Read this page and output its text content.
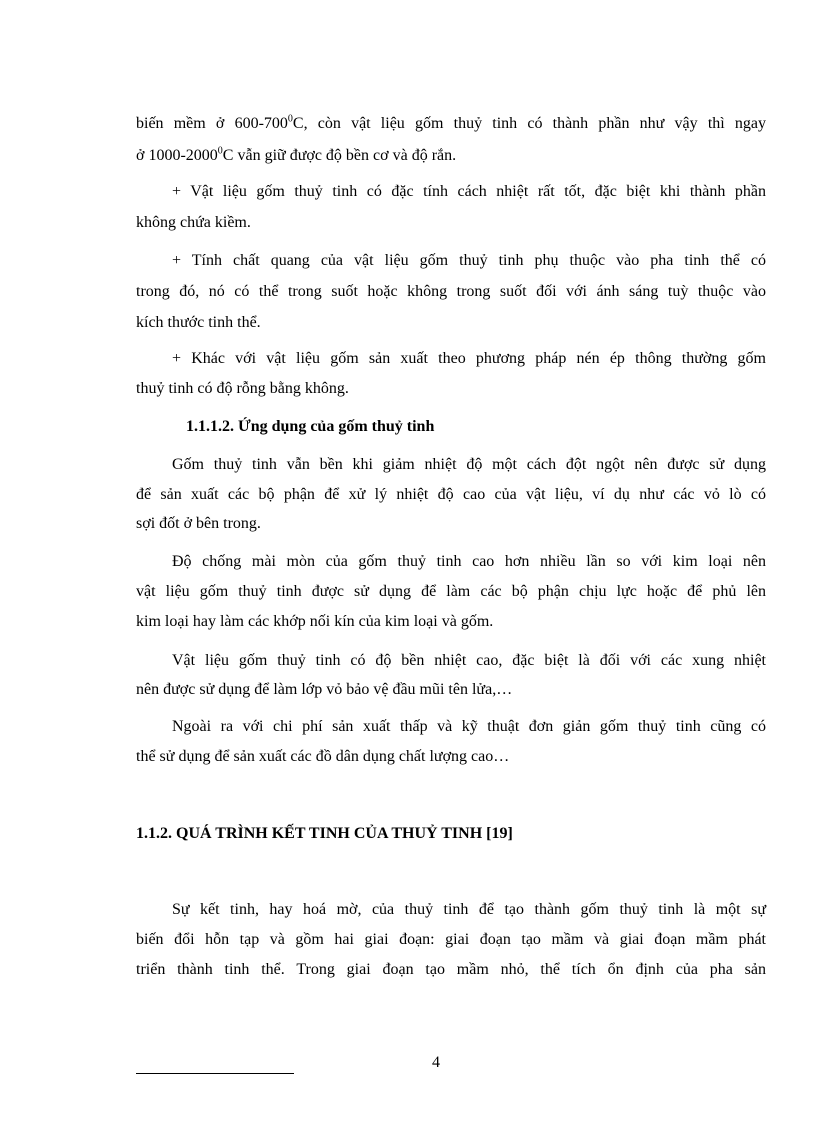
biến mềm ở $600-700^0C$, còn vật liệu gốm thuỷ tinh có thành phần như vậy thì ngay
ở 1000-2000$^0$C vẫn giữ được độ bền cơ và độ rắn.
+ Vật liệu gốm thuỷ tinh có đặc tính cách nhiệt rất tốt, đặc biệt khi thành phần
không chứa kiềm.
+ Tính chất quang của vật liệu gốm thuỷ tinh phụ thuộc vào pha tinh thể có
trong đó, nó có thể trong suốt hoặc không trong suốt đối với ánh sáng tuỳ thuộc vào
kích thước tinh thể.
+ Khác với vật liệu gốm sản xuất theo phương pháp nén ép thông thường gốm
thuỷ tinh có độ rỗng bằng không.
1.1.1.2. Ứng dụng của gốm thuỷ tinh
Gốm thuỷ tinh vẫn bền khi giảm nhiệt độ một cách đột ngột nên được sử dụng
để sản xuất các bộ phận để xử lý nhiệt độ cao của vật liệu, ví dụ như các vỏ lò có
sợi đốt ở bên trong.
Độ chống mài mòn của gốm thuỷ tinh cao hơn nhiều lần so với kim loại nên
vật liệu gốm thuỷ tinh được sử dụng để làm các bộ phận chịu lực hoặc để phủ lên
kim loại hay làm các khớp nối kín của kim loại và gốm.
Vật liệu gốm thuỷ tinh có độ bền nhiệt cao, đặc biệt là đối với các xung nhiệt
nên được sử dụng để làm lớp vỏ bảo vệ đầu mũi tên lửa,…
Ngoài ra với chi phí sản xuất thấp và kỹ thuật đơn giản gốm thuỷ tinh cũng có
thể sử dụng để sản xuất các đồ dân dụng chất lượng cao…
1.1.2. QUÁ TRÌNH KẾT TINH CỦA THUỶ TINH [19]
Sự kết tinh, hay hoá mờ, của thuỷ tinh để tạo thành gốm thuỷ tinh là một sự
biến đổi hỗn tạp và gồm hai giai đoạn: giai đoạn tạo mầm và giai đoạn mầm phát
triển thành tinh thể. Trong giai đoạn tạo mầm nhỏ, thể tích ổn định của pha sản
4
